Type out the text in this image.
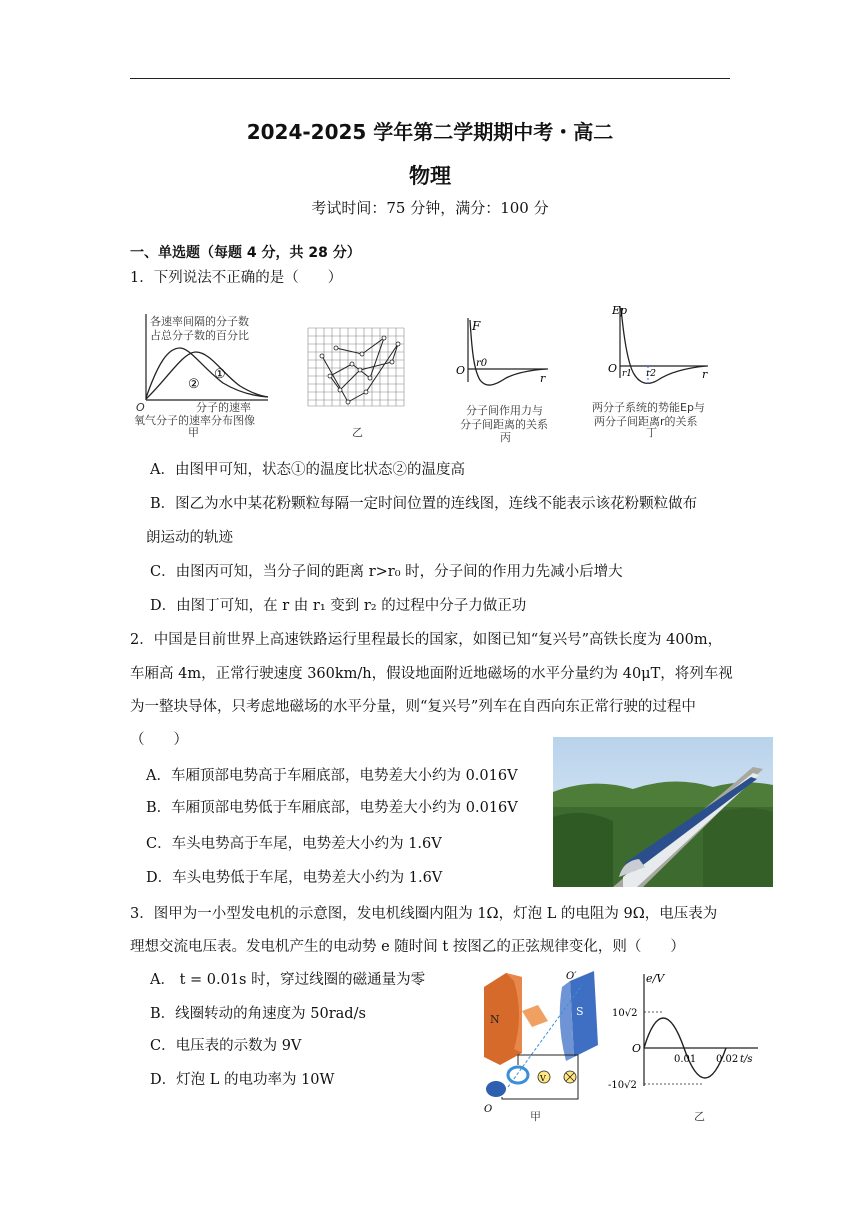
2024-2025 学年第二学期期中考・高二
物理
考试时间：75 分钟，满分：100 分
一、单选题（每题 4 分，共 28 分）
1．下列说法不正确的是（　　）
各速率间隔的分子数
占总分子数的百分比
①
②
O	分子的速率
氧气分子的速率分布图像
甲	乙
F
O
r0
r
分子间作用力与
分子间距离的关系
丙
Ep
O r1 r2	r
两分子系统的势能Ep与
两分子间距离r的关系
丁
A．由图甲可知，状态①的温度比状态②的温度高
B．图乙为水中某花粉颗粒每隔一定时间位置的连线图，连线不能表示该花粉颗粒做布
朗运动的轨迹
C．由图丙可知，当分子间的距离 r>r₀ 时，分子间的作用力先减小后增大
D．由图丁可知，在 r 由 r₁ 变到 r₂ 的过程中分子力做正功
2．中国是目前世界上高速铁路运行里程最长的国家，如图已知“复兴号”高铁长度为 400m，
车厢高 4m，正常行驶速度 360km/h，假设地面附近地磁场的水平分量约为 40μT，将列车视
为一整块导体，只考虑地磁场的水平分量，则“复兴号”列车在自西向东正常行驶的过程中
（　　）
A．车厢顶部电势高于车厢底部，电势差大小约为 0.016V
B．车厢顶部电势低于车厢底部，电势差大小约为 0.016V
C．车头电势高于车尾，电势差大小约为 1.6V
D．车头电势低于车尾，电势差大小约为 1.6V
3．图甲为一小型发电机的示意图，发电机线圈内阻为 1Ω，灯泡 L 的电阻为 9Ω，电压表为
理想交流电压表。发电机产生的电动势 e 随时间 t 按图乙的正弦规律变化，则（　　）
A． t = 0.01s 时，穿过线圈的磁通量为零
B．线圈转动的角速度为 50rad/s
C．电压表的示数为 9V
D．灯泡 L 的电功率为 10W
N
S
O′
O
V
甲
e/V
10√2
O
-10√2
0.01 0.02 t/s
乙
